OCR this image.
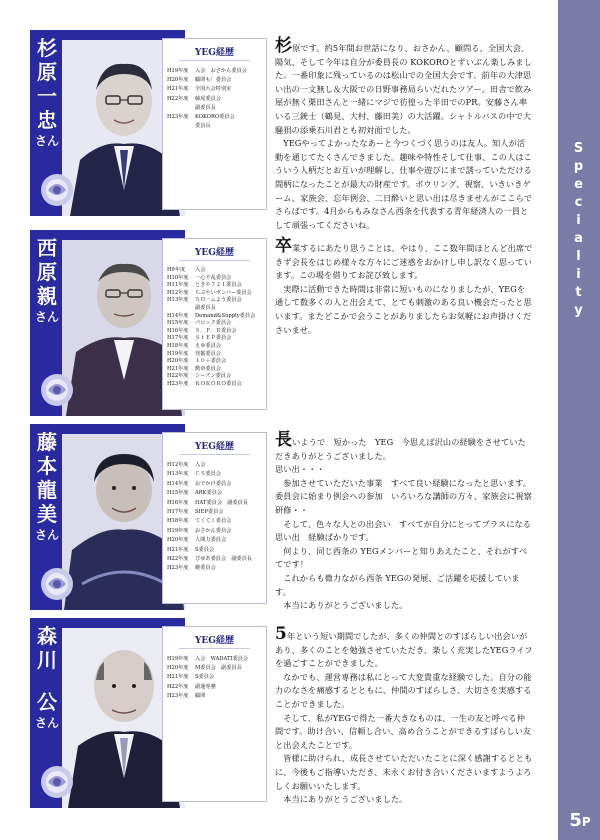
S
p
e
c
i
a
l
i
t
y
5P
杉
原
一
忠
さん
YEG経歴
H19年度 入会　おさかん委員会
H20年度 顧問も！委員会
H21年度 全国大会特別室
H22年度 藤尾委員会
副委員長
H23年度 KOKORO委員会
委員長

杉原です。約5年間お世話になり、おさかん、顧問る、全国大会、陽気、そして今年は自分が委員長の KOKOROとずいぶん楽しみました。一番印象に残っているのは松山での全国大会です。前年の大津思い出の一文無し＆大阪での日野事務局らいだれたツアー。田舎で飲み屋が無く栗田さんと一緒にマジで彷徨った半田でのPR。安藤さん率いる三銃士（鶴見、大村、藤田美）の大活躍。シャトルバスの中で大騒狽の添乗石川君とも初対面でした。

YEGやってよかったなあーと今つくづく思うのは友人。知人が活動を通じてたくさんできました。趣味や特性そして仕事、この人はこういう人柄だとお互いが理解し、仕事や遊びにまで誘っていただける間柄になったことが最大の財産です。ボウリング、視察、いきいきゲーム、家族会、忘年例会、二日酔いと思い出は尽きませんがここらでさらばです。4月からもみなさん西条を代表する青年経済人の一員として頑張ってくださいね。

西
原
親
さん
YEG経歴
H9年度 入会
H10年度 一心不乱委員会
H11年度 ときや７２１委員会
H12年度 ちぷやいボンバー委員会
H13年度 ＳＯ一ムよう委員会
副委員長
H14年度 Demand&Supply委員会
H15年度 パロック委員会
H16年度 Ｓ．Ｐ．Ｒ委員会
H17年度 ＳｔＥＰ委員会
H18年度 えゆ委員会
H19年度 発掘委員会
H20年度 １０＋委員会
H21年度 勲章委員会
H22年度 シーズン委員会
H23年度 ＫＯＫＯＲＯ委員会

卒業するにあたり思うことは、やはり、ここ数年間ほとんど出席できず会長をはじめ様々な方々にご迷惑をおかけし申し訳なく思っています。この場を借りてお詫び致します。

実際に活動できた時間は非常に短いものになりましたが、YEGを通して数多くの人と出会えて、とても刺激のある良い機会だったと思います。またどこかで会うことがありましたらお気軽にお声掛けくださいませ。

藤
本
龍
美
さん
YEG経歴
H12年度 入会
H13年度 ＣＳ委員会
H14年度 おでかけ委員会
H15年度 ARK委員会
H16年度 HAT委員会　副委員長
H17年度 SIEP委員会
H18年度 てくてく委員会
H19年度 おさかん委員会
H20年度 人間力委員会
H21年度 S委員会
H22年度 ぴゆあ委員会　副委員長
H23年度 暁委員会

長いようで　短かった　YEG　今思えば沢山の経験をさせていただきありがとうございました。

思い出・・・

参加させていただいた事業　すべて良い経験になったと思います。委員会に始まり例会への参加　いろいろな講師の方々、家族会に視察研修・・

そして、色々な人との出会い　すべてが自分にとってプラスになる　思い出　経験ばかりです。

何より、同じ西条の YEGメンバーと知りあえたこと、それがすべてです！

これからも微力ながら西条 YEGの発展、ご活躍を応援しています。

本当にありがとうございました。

森
川
公
さん
YEG経歴
H19年度 入会　WADATI委員会
H20年度 M委員会　副委員長
H21年度 S委員会
H22年度 副運専務
H23年度 顧問

5年という短い期間でしたが、多くの仲間とのすばらしい出会いがあり、多くのことを勉強させていただき、楽しく充実したYEGライフを過ごすことができました。

なかでも、運営専務は私にとって大変貴重な経験でした。自分の能力のなさを痛感するとともに、仲間のすばらしさ、大切さを実感することができました。

そして、私がYEGで得た一番大きなものは、一生の友と呼べる仲間です。助け合い、信頼し合い、高め合うことができるすばらしい友と出会えたことです。

皆様に助けられ、成長させていただいたことに深く感謝するとともに、今後もご指導いただき、末永くお付き合いくださいますようよろしくお願いいたします。

本当にありがとうございました。
